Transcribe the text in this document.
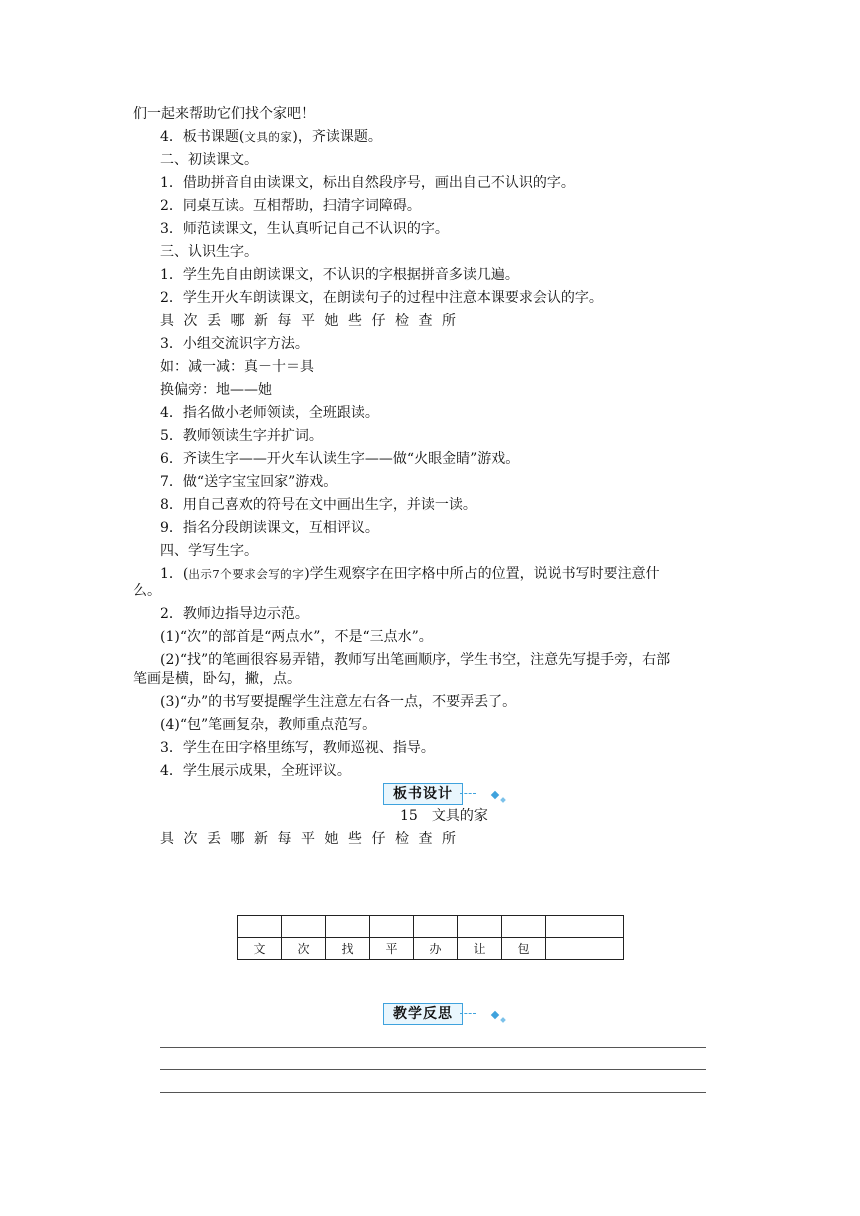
们一起来帮助它们找个家吧！
4．板书课题(文具的家)，齐读课题。
二、初读课文。
1．借助拼音自由读课文，标出自然段序号，画出自己不认识的字。
2．同桌互读。互相帮助，扫清字词障碍。
3．师范读课文，生认真听记自己不认识的字。
三、认识生字。
1．学生先自由朗读课文，不认识的字根据拼音多读几遍。
2．学生开火车朗读课文，在朗读句子的过程中注意本课要求会认的字。
具 次 丢 哪 新 每 平 她 些 仔 检 查 所
3．小组交流识字方法。
如：减一减：真－十＝具
换偏旁：地——她
4．指名做小老师领读，全班跟读。
5．教师领读生字并扩词。
6．齐读生字——开火车认读生字——做“火眼金睛”游戏。
7．做“送字宝宝回家”游戏。
8．用自己喜欢的符号在文中画出生字，并读一读。
9．指名分段朗读课文，互相评议。
四、学写生字。
1．(出示7个要求会写的字)学生观察字在田字格中所占的位置，说说书写时要注意什
么。
2．教师边指导边示范。
(1)“次”的部首是“两点水”，不是“三点水”。
(2)“找”的笔画很容易弄错，教师写出笔画顺序，学生书空，注意先写提手旁，右部
笔画是横，卧勾，撇，点。
(3)“办”的书写要提醒学生注意左右各一点，不要弄丢了。
(4)“包”笔画复杂，教师重点范写。
3．学生在田字格里练写，教师巡视、指导。
4．学生展示成果，全班评议。
板书设计
15　文具的家
具 次 丢 哪 新 每 平 她 些 仔 检 查 所

文	次	找	平	办	让	包	
教学反思
